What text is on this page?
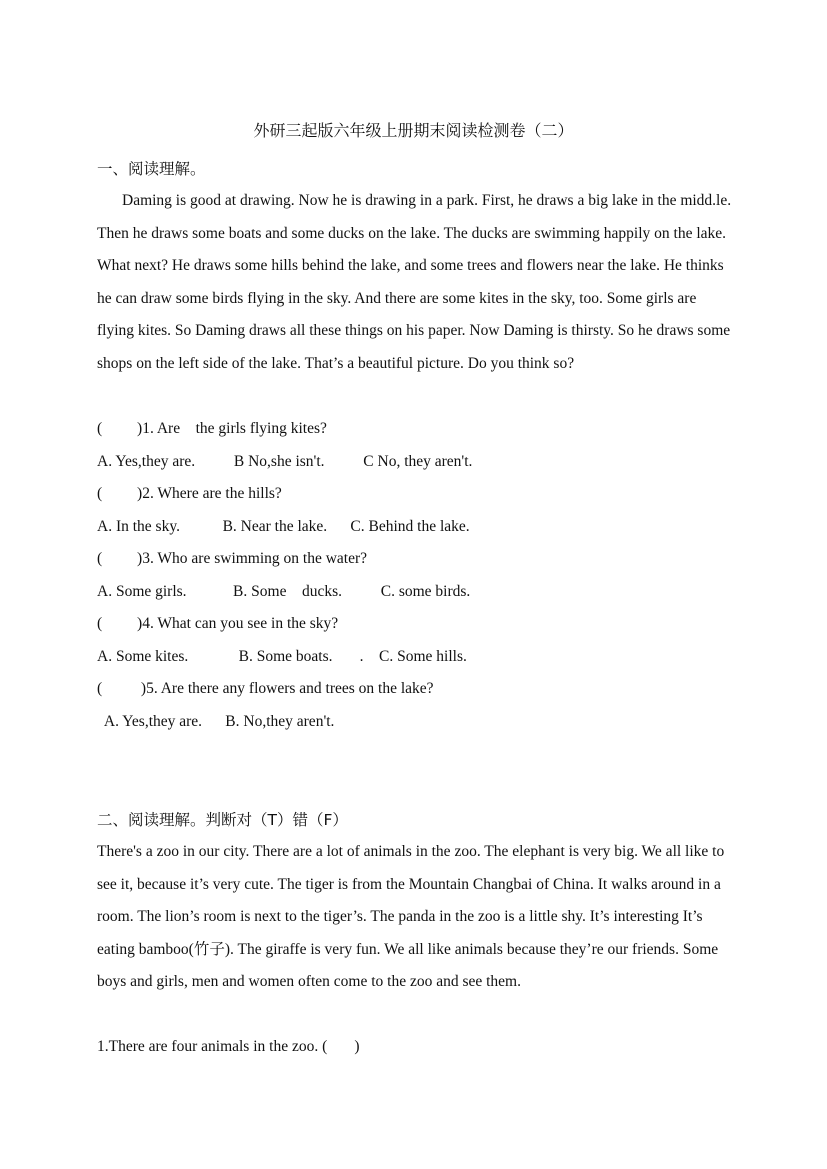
外研三起版六年级上册期末阅读检测卷（二）
一、阅读理解。

Daming is good at drawing. Now he is drawing in a park. First, he draws a big lake in the midd.le. Then he draws some boats and some ducks on the lake. The ducks are swimming happily on the lake. What next? He draws some hills behind the lake, and some trees and flowers near the lake. He thinks he can draw some birds flying in the sky. And there are some kites in the sky, too. Some girls are flying kites. So Daming draws all these things on his paper. Now Daming is thirsty. So he draws some shops on the left side of the lake. That’s a beautiful picture. Do you think so?

(         )1. Are    the girls flying kites?

A. Yes,they are.          B No,she isn't.          C No, they aren't.

(         )2. Where are the hills?

A. In the sky.           B. Near the lake.      C. Behind the lake.

(         )3. Who are swimming on the water?

A. Some girls.            B. Some    ducks.          C. some birds.

(         )4. What can you see in the sky?

A. Some kites.             B. Some boats.       .    C. Some hills.

(          )5. Are there any flowers and trees on the lake?

A. Yes,they are.      B. No,they aren't.

二、阅读理解。判断对（T）错（F）

There's a zoo in our city. There are a lot of animals in the zoo. The elephant is very big. We all like to see it, because it’s very cute. The tiger is from the Mountain Changbai of China. It walks around in a room. The lion’s room is next to the tiger’s. The panda in the zoo is a little shy. It’s interesting It’s eating bamboo(竹子). The giraffe is very fun. We all like animals because they’re our friends. Some boys and girls, men and women often come to the zoo and see them.

1.There are four animals in the zoo. (       )
